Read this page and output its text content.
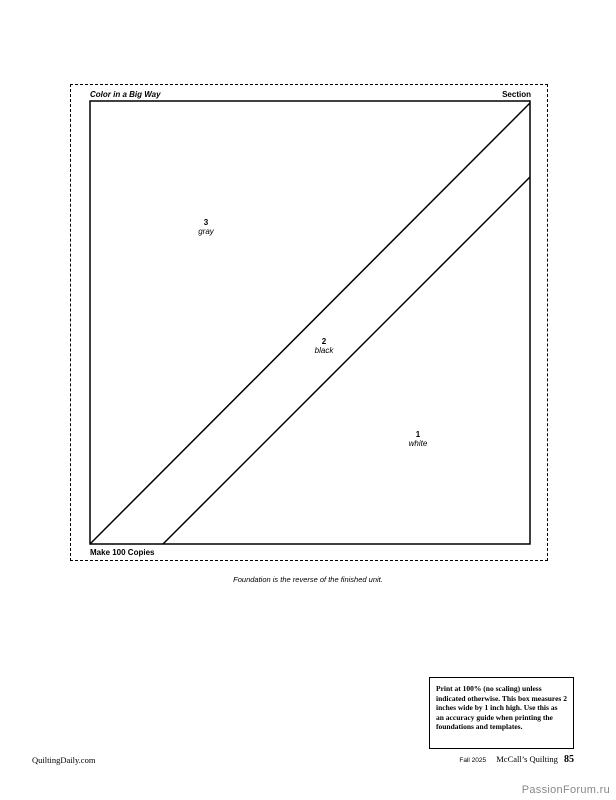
Color in a Big Way	Section
3
gray
2
black
1
white
Make 100 Copies
Foundation is the reverse of the finished unit.
Print at 100% (no scaling) unless indicated otherwise. This box measures 2 inches wide by 1 inch high. Use this as an accuracy guide when printing the foundations and templates.
QuiltingDaily.com	Fall 2025 McCall’s Quilting 85
PassionForum.ru
